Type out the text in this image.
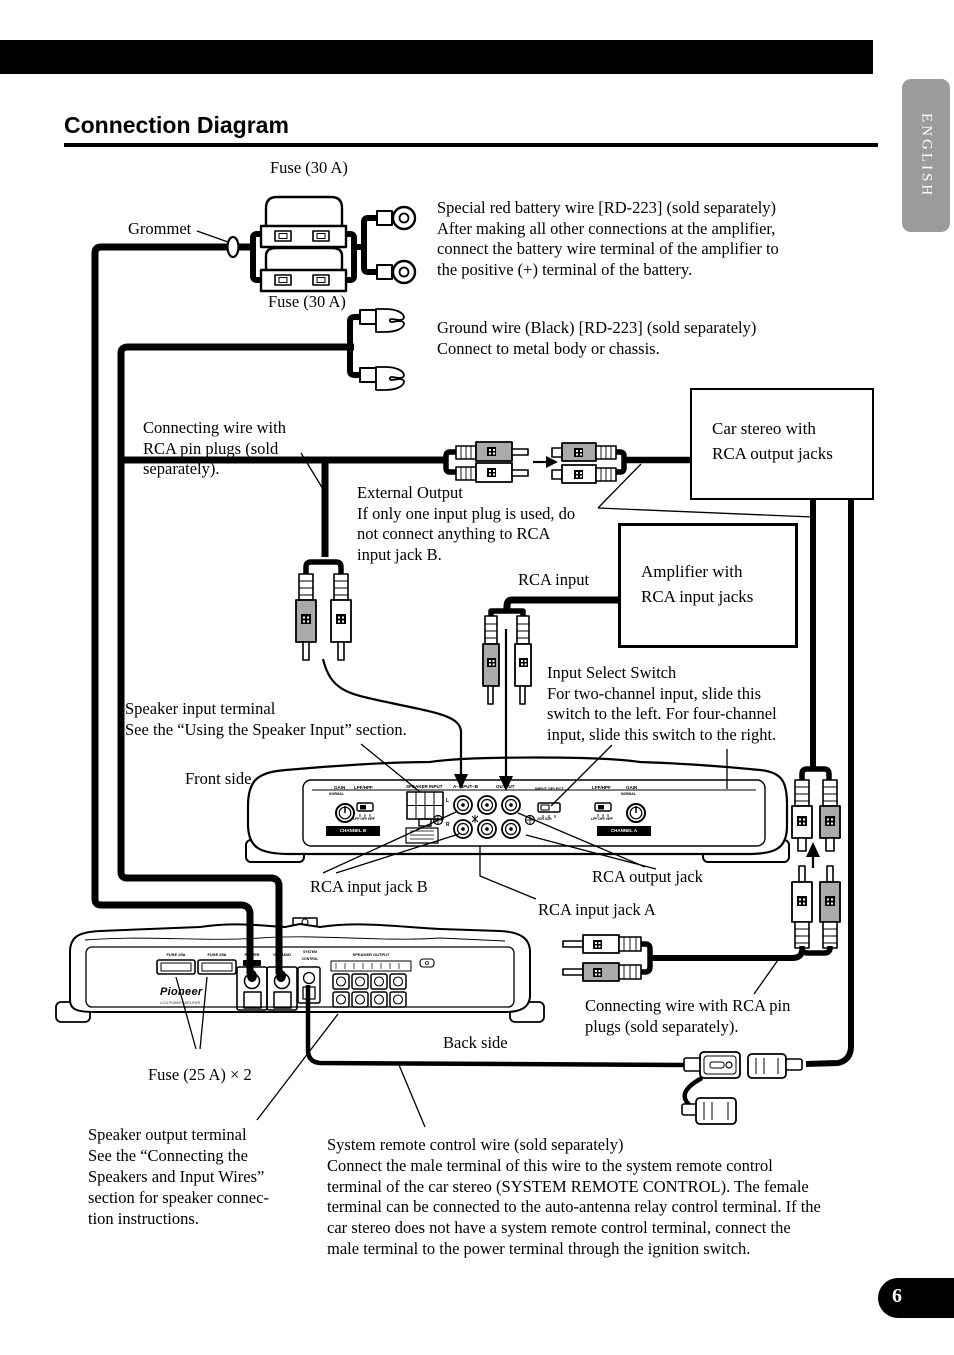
ENGLISH
Connection Diagram
Car stereo with
RCA output jacks
Amplifier with
RCA input jacks
Fuse (30 A)
Grommet
Fuse (30 A)
Special red battery wire [RD-223] (sold separately)
After making all other connections at the amplifier,
connect the battery wire terminal of the amplifier to
the positive (+) terminal of the battery.
Ground wire (Black) [RD-223] (sold separately)
Connect to metal body or chassis.
Connecting wire with
RCA pin plugs (sold
separately).
External Output
If only one input plug is used, do
not connect anything to RCA
input jack B.
RCA input
Input Select Switch
For two-channel input, slide this
switch to the left. For four-channel
input, slide this switch to the right.
Speaker input terminal
See the “Using the Speaker Input” section.
Front side
RCA input jack B
RCA output jack
RCA input jack A
Connecting wire with RCA pin
plugs (sold separately).
Back side
Fuse (25 A) × 2
Speaker output terminal
See the “Connecting the
Speakers and Input Wires”
section for speaker connec-
tion instructions.
System remote control wire (sold separately)
Connect the male terminal of this wire to the system remote control
terminal of the car stereo (SYSTEM REMOTE CONTROL). The female
terminal can be connected to the auto-antenna relay control terminal. If the
car stereo does not have a system remote control terminal, connect the
male terminal to the power terminal through the ignition switch.
GAIN
NORMAL
LPF/HPF
LPF OFF HPF
CHANNEL B
SPEAKER INPUT A–INPUT–B	OUTPUT
L
R
INPUT SELECT
2CH 4CH
LPF/HPF
LPF OFF HPF
GAIN
NORMAL
CHANNEL A
FUSE 25A	FUSE 25A
Pioneer
4-CH POWER AMPLIFIER
POWER	GROUND	SYSTEM
CONTROL
SPEAKER OUTPUT
6
